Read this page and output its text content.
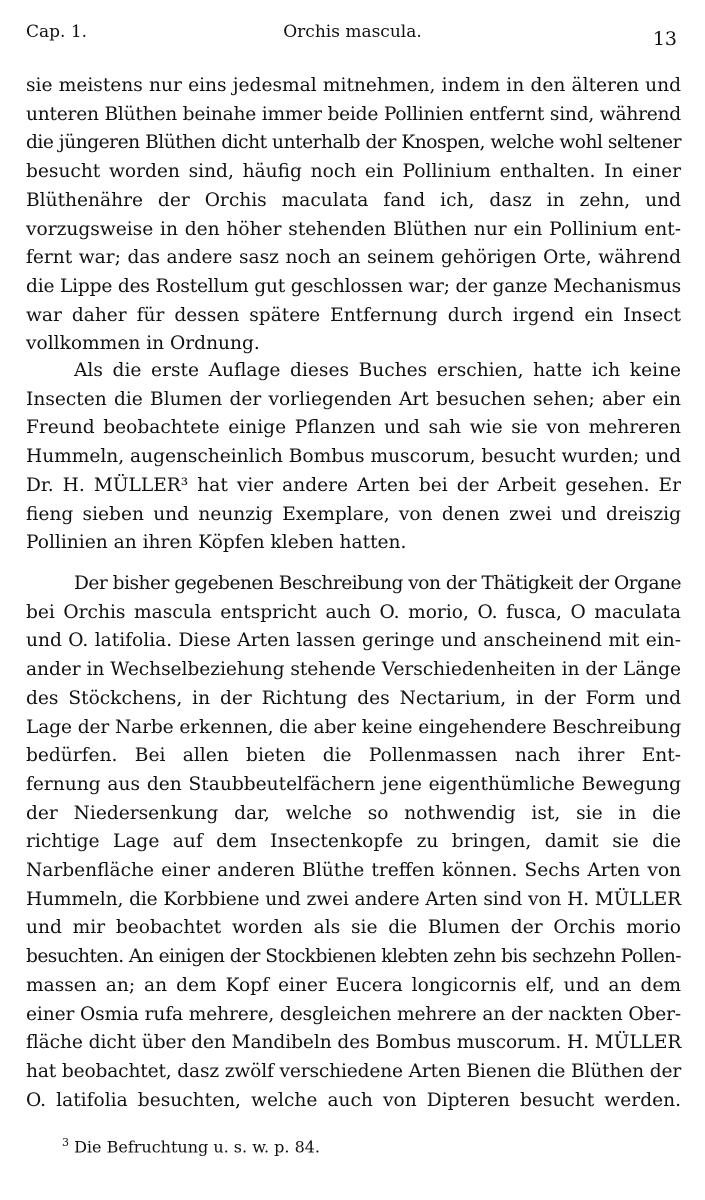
Cap. 1.	Orchis mascula.	13
sie meistens nur eins jedesmal mitnehmen, indem in den älteren und
unteren Blüthen beinahe immer beide Pollinien entfernt sind, während
die jüngeren Blüthen dicht unterhalb der Knospen, welche wohl seltener
besucht worden sind, häufig noch ein Pollinium enthalten. In einer
Blüthenähre der Orchis maculata fand ich, dasz in zehn, und
vorzugsweise in den höher stehenden Blüthen nur ein Pollinium ent-
fernt war; das andere sasz noch an seinem gehörigen Orte, während
die Lippe des Rostellum gut geschlossen war; der ganze Mechanismus
war daher für dessen spätere Entfernung durch irgend ein Insect
vollkommen in Ordnung.
Als die erste Auflage dieses Buches erschien, hatte ich keine
Insecten die Blumen der vorliegenden Art besuchen sehen; aber ein
Freund beobachtete einige Pflanzen und sah wie sie von mehreren
Hummeln, augenscheinlich Bombus muscorum, besucht wurden; und
Dr. H. MÜLLER³ hat vier andere Arten bei der Arbeit gesehen. Er
fieng sieben und neunzig Exemplare, von denen zwei und dreiszig
Pollinien an ihren Köpfen kleben hatten.
Der bisher gegebenen Beschreibung von der Thätigkeit der Organe
bei Orchis mascula entspricht auch O. morio, O. fusca, O maculata
und O. latifolia. Diese Arten lassen geringe und anscheinend mit ein-
ander in Wechselbeziehung stehende Verschiedenheiten in der Länge
des Stöckchens, in der Richtung des Nectarium, in der Form und
Lage der Narbe erkennen, die aber keine eingehendere Beschreibung
bedürfen. Bei allen bieten die Pollenmassen nach ihrer Ent-
fernung aus den Staubbeutelfächern jene eigenthümliche Bewegung
der Niedersenkung dar, welche so nothwendig ist, sie in die
richtige Lage auf dem Insectenkopfe zu bringen, damit sie die
Narbenfläche einer anderen Blüthe treffen können. Sechs Arten von
Hummeln, die Korbbiene und zwei andere Arten sind von H. MÜLLER
und mir beobachtet worden als sie die Blumen der Orchis morio
besuchten. An einigen der Stockbienen klebten zehn bis sechzehn Pollen-
massen an; an dem Kopf einer Eucera longicornis elf, und an dem
einer Osmia rufa mehrere, desgleichen mehrere an der nackten Ober-
fläche dicht über den Mandibeln des Bombus muscorum. H. MÜLLER
hat beobachtet, dasz zwölf verschiedene Arten Bienen die Blüthen der
O. latifolia besuchten, welche auch von Dipteren besucht werden.
$^3$ Die Befruchtung u. s. w. p. 84.
